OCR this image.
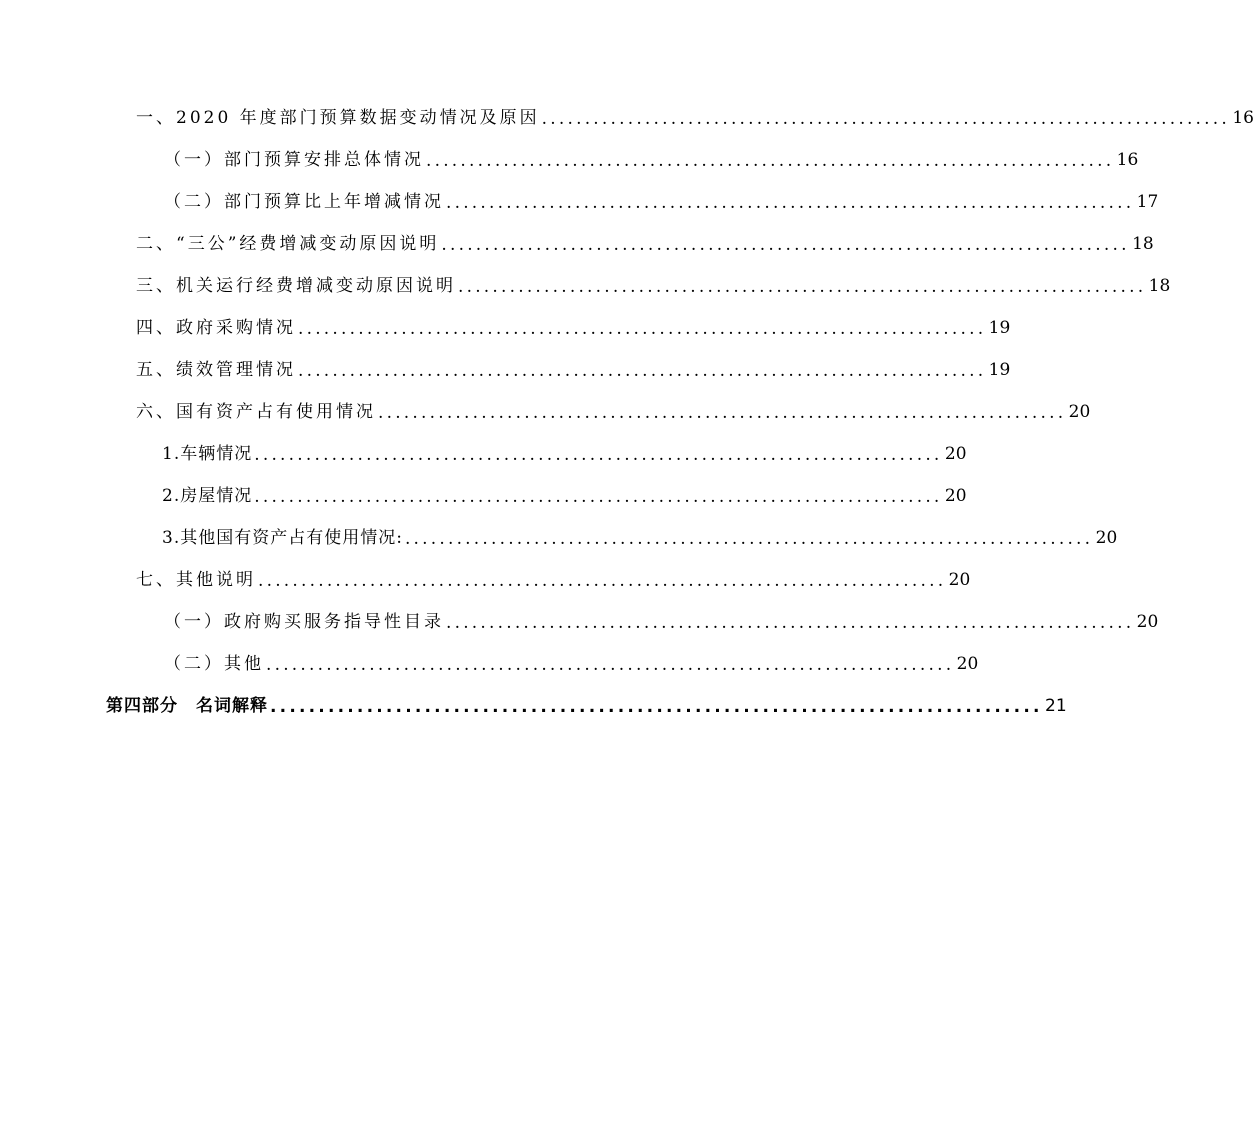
一、2020 年度部门预算数据变动情况及原因 ................................................................................ 16
（一）部门预算安排总体情况 ................................................................................ 16
（二）部门预算比上年增减情况 ................................................................................ 17
二、“三公”经费增减变动原因说明 ................................................................................ 18
三、机关运行经费增减变动原因说明 ................................................................................ 18
四、政府采购情况 ................................................................................ 19
五、绩效管理情况 ................................................................................ 19
六、国有资产占有使用情况 ................................................................................ 20
1.车辆情况 ................................................................................ 20
2.房屋情况 ................................................................................ 20
3.其他国有资产占有使用情况: ................................................................................ 20
七、其他说明 ................................................................................ 20
（一）政府购买服务指导性目录 ................................................................................ 20
（二）其他 ................................................................................ 20
第四部分　名词解释 ................................................................................ 21
